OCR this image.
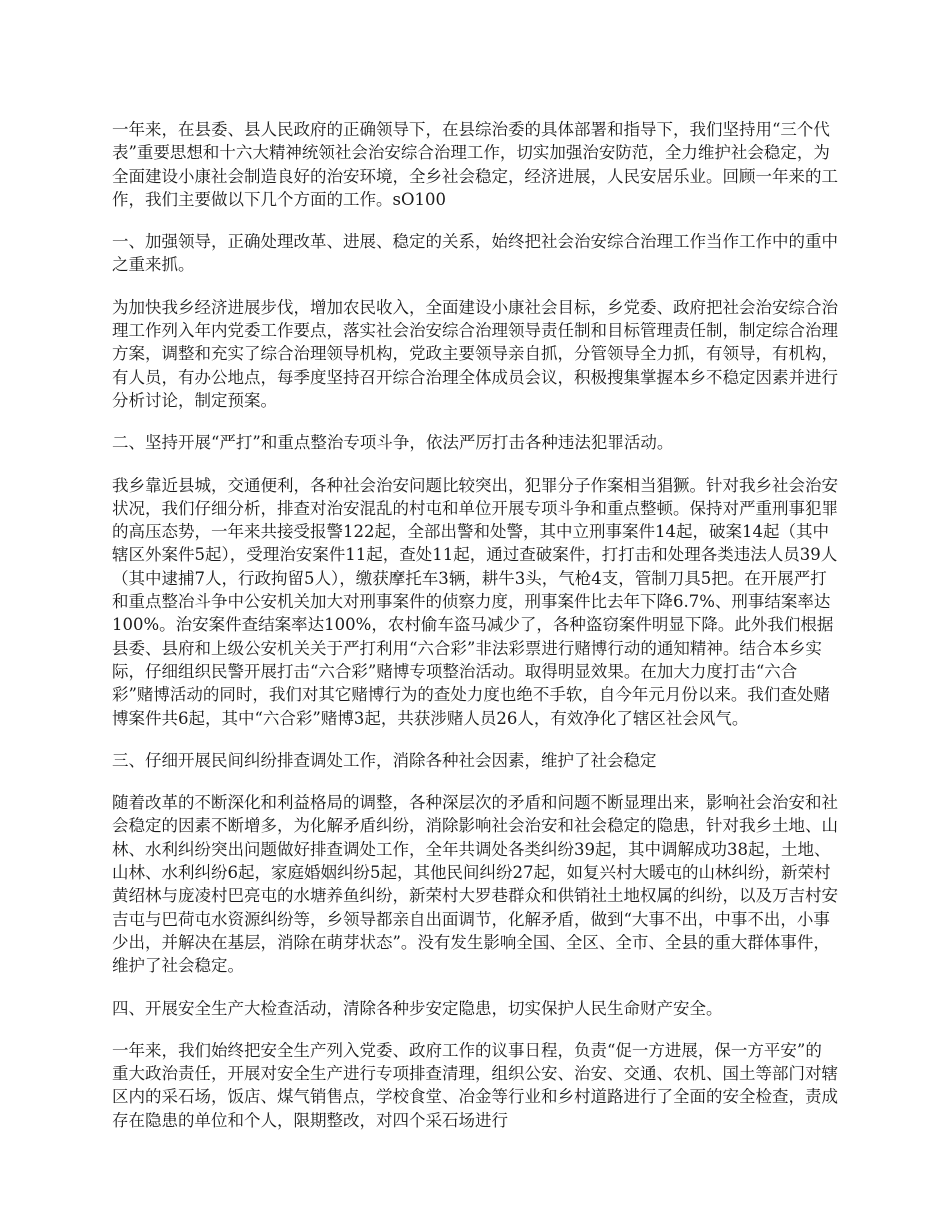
一年来，在县委、县人民政府的正确领导下，在县综治委的具体部署和指导下，我们坚持用“三个代表”重要思想和十六大精神统领社会治安综合治理工作，切实加强治安防范，全力维护社会稳定，为全面建设小康社会制造良好的治安环境，全乡社会稳定，经济进展，人民安居乐业。回顾一年来的工作，我们主要做以下几个方面的工作。sO100

一、加强领导，正确处理改革、进展、稳定的关系，始终把社会治安综合治理工作当作工作中的重中之重来抓。

为加快我乡经济进展步伐，增加农民收入，全面建设小康社会目标，乡党委、政府把社会治安综合治理工作列入年内党委工作要点，落实社会治安综合治理领导责任制和目标管理责任制，制定综合治理方案，调整和充实了综合治理领导机构，党政主要领导亲自抓，分管领导全力抓，有领导，有机构，有人员，有办公地点，每季度坚持召开综合治理全体成员会议，积极搜集掌握本乡不稳定因素并进行分析讨论，制定预案。

二、坚持开展“严打”和重点整治专项斗争，依法严厉打击各种违法犯罪活动。

我乡靠近县城，交通便利，各种社会治安问题比较突出，犯罪分子作案相当猖獗。针对我乡社会治安状况，我们仔细分析，排查对治安混乱的村屯和单位开展专项斗争和重点整顿。保持对严重刑事犯罪的高压态势，一年来共接受报警122起，全部出警和处警，其中立刑事案件14起，破案14起（其中辖区外案件5起），受理治安案件11起，查处11起，通过查破案件，打打击和处理各类违法人员39人（其中逮捕7人，行政拘留5人），缴获摩托车3辆，耕牛3头，气枪4支，管制刀具5把。在开展严打和重点整冶斗争中公安机关加大对刑事案件的侦察力度，刑事案件比去年下降6.7%、刑事结案率达100%。治安案件查结案率达100%，农村偷车盗马减少了，各种盗窃案件明显下降。此外我们根据县委、县府和上级公安机关关于严打利用“六合彩”非法彩票进行赌博行动的通知精神。结合本乡实际，仔细组织民警开展打击“六合彩”赌博专项整治活动。取得明显效果。在加大力度打击“六合彩”赌博活动的同时，我们对其它赌博行为的查处力度也绝不手软，自今年元月份以来。我们查处赌博案件共6起，其中“六合彩”赌博3起，共获涉赌人员26人，有效净化了辖区社会风气。

三、仔细开展民间纠纷排查调处工作，消除各种社会因素，维护了社会稳定

随着改革的不断深化和利益格局的调整，各种深层次的矛盾和问题不断显理出来，影响社会治安和社会稳定的因素不断增多，为化解矛盾纠纷，消除影响社会治安和社会稳定的隐患，针对我乡土地、山林、水利纠纷突出问题做好排查调处工作，全年共调处各类纠纷39起，其中调解成功38起，土地、山林、水利纠纷6起，家庭婚姻纠纷5起，其他民间纠纷27起，如复兴村大暖屯的山林纠纷，新荣村黄绍林与庞凌村巴亮屯的水塘养鱼纠纷，新荣村大罗巷群众和供销社土地权属的纠纷，以及万吉村安吉屯与巴荷屯水资源纠纷等，乡领导都亲自出面调节，化解矛盾，做到“大事不出，中事不出，小事少出，并解决在基层，消除在萌芽状态”。没有发生影响全国、全区、全市、全县的重大群体事件，维护了社会稳定。

四、开展安全生产大检查活动，清除各种步安定隐患，切实保护人民生命财产安全。

一年来，我们始终把安全生产列入党委、政府工作的议事日程，负责“促一方进展，保一方平安”的重大政治责任，开展对安全生产进行专项排查清理，组织公安、治安、交通、农机、国土等部门对辖区内的采石场，饭店、煤气销售点，学校食堂、冶金等行业和乡村道路进行了全面的安全检查，责成存在隐患的单位和个人，限期整改，对四个采石场进行
